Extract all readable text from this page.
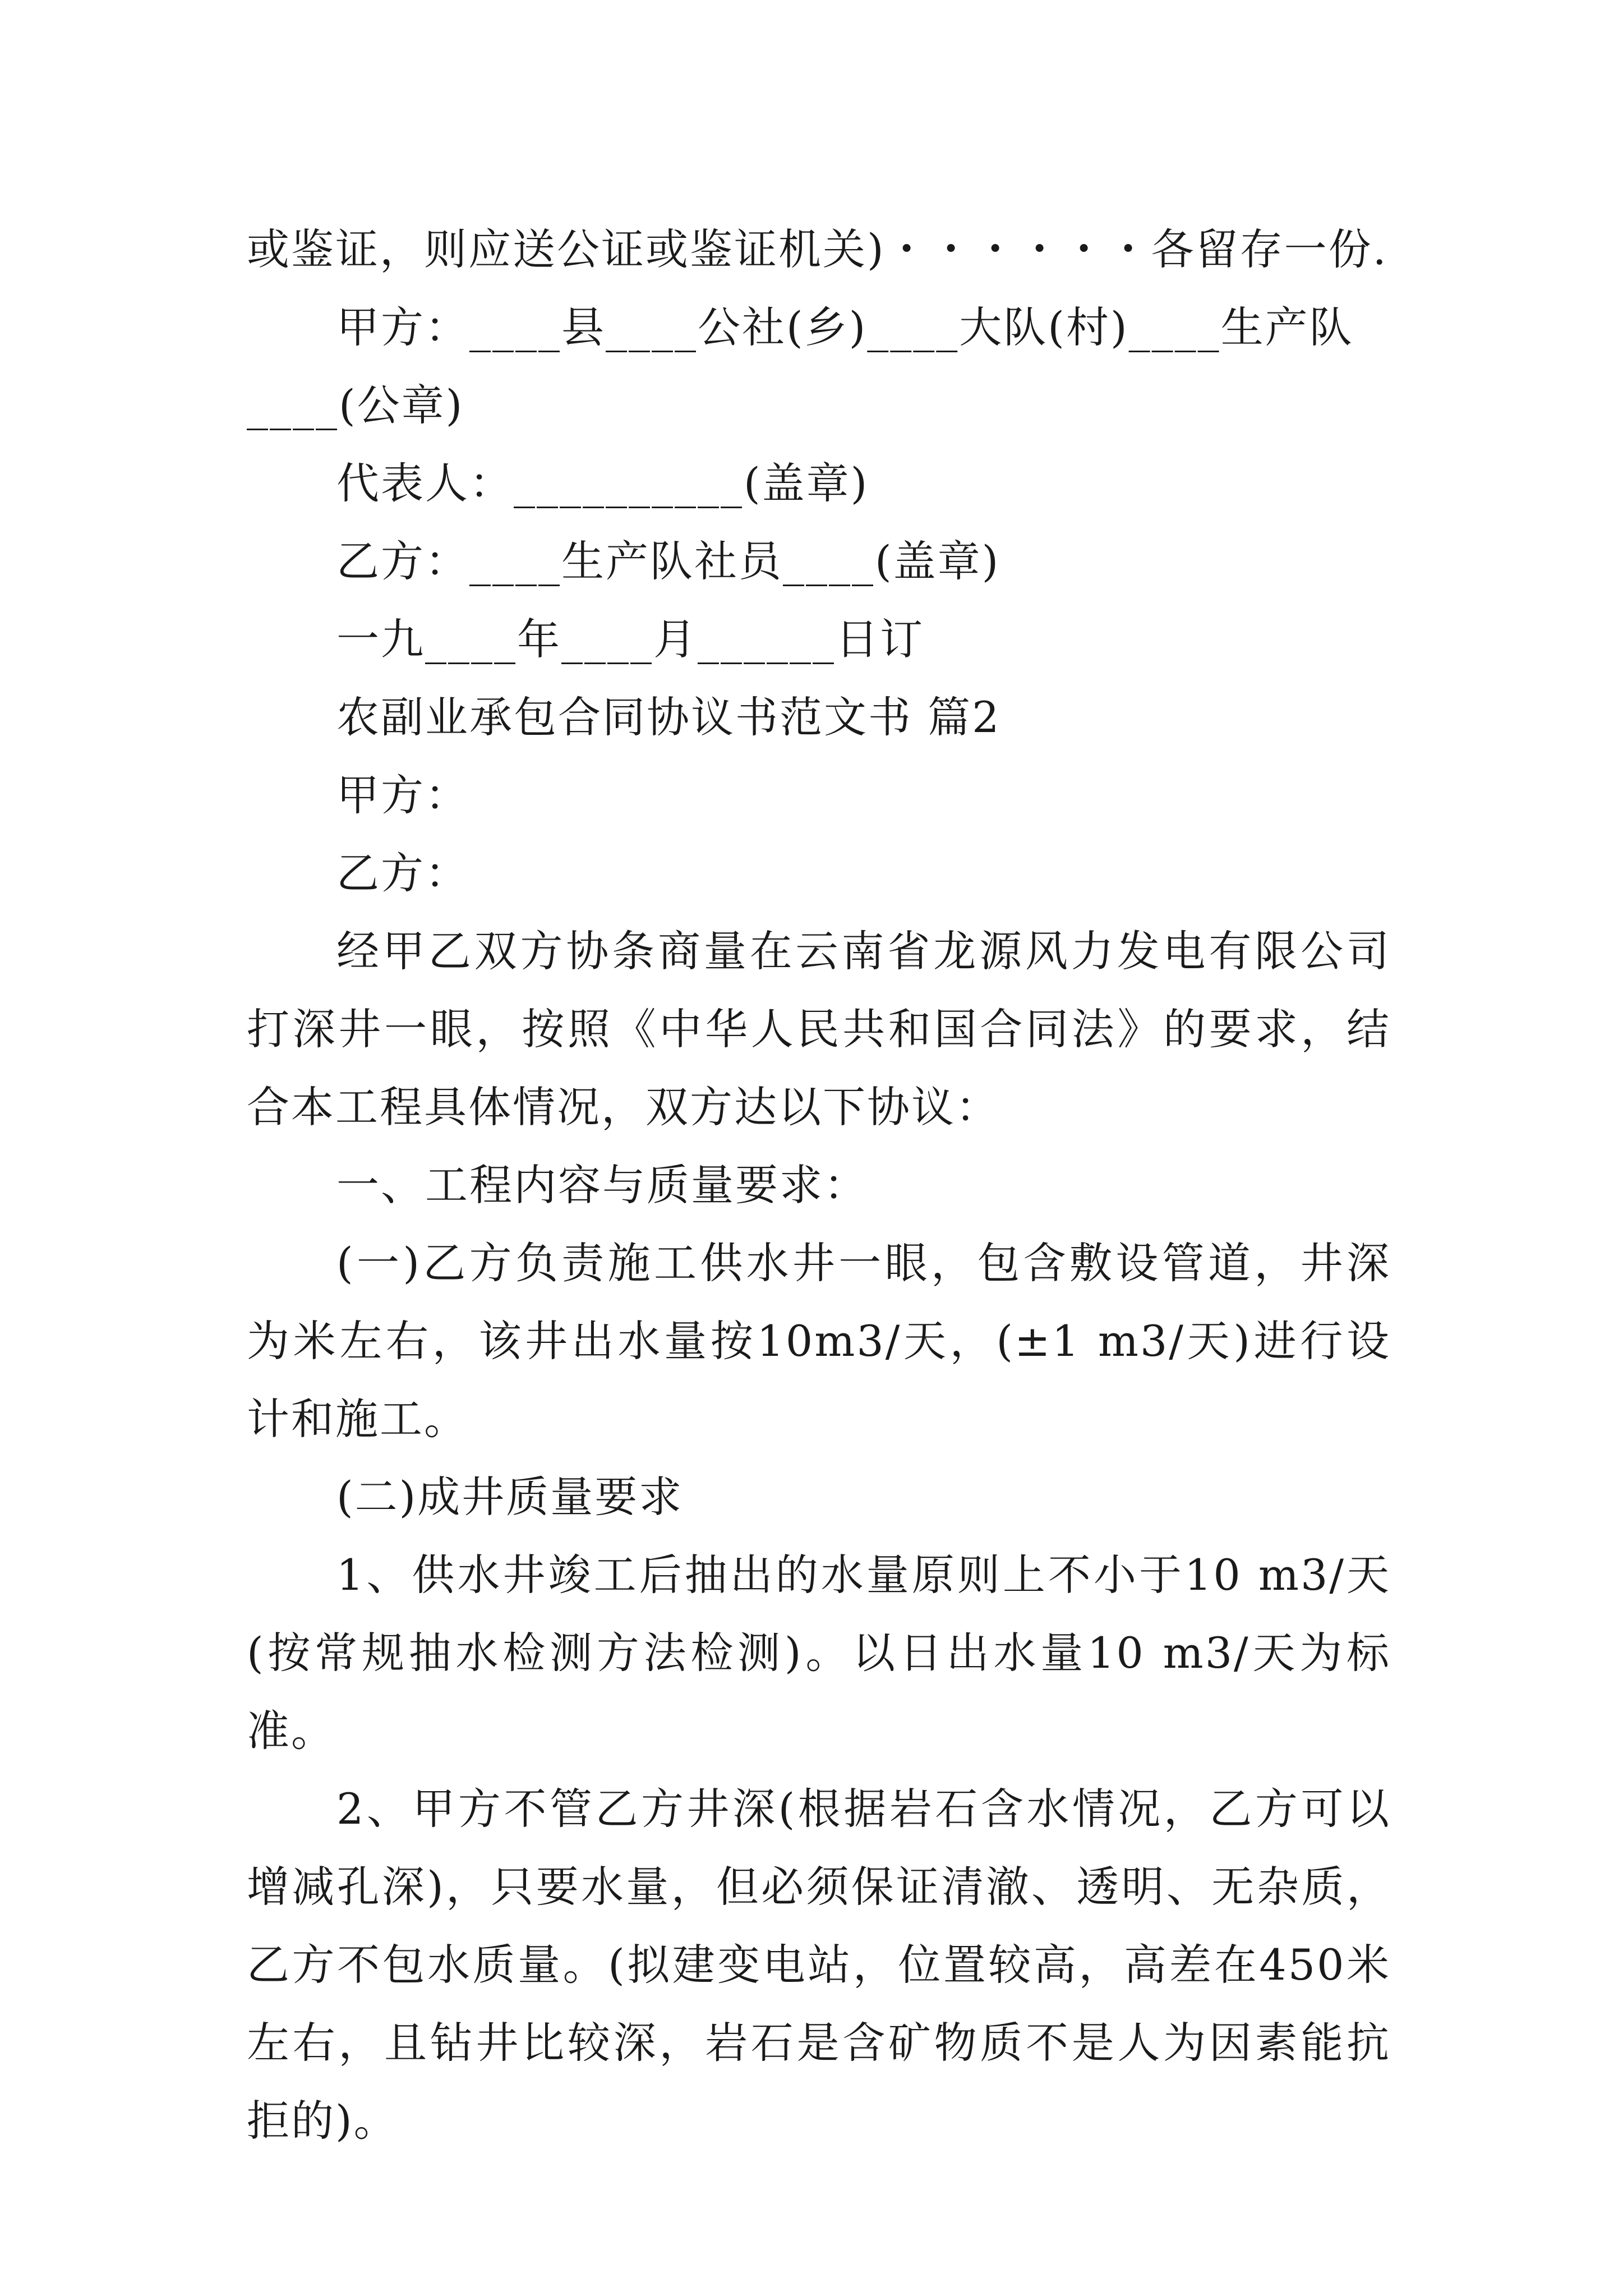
或鉴证，则应送公证或鉴证机关)・・・・・・各留存一份.
甲方：____县____公社(乡)____大队(村)____生产队
____(公章)
代表人：__________(盖章)
乙方：____生产队社员____(盖章)
一九____年____月______日订
农副业承包合同协议书范文书 篇2
甲方：
乙方：
经甲乙双方协条商量在云南省龙源风力发电有限公司打深井一眼，按照《中华人民共和国合同法》的要求，结合本工程具体情况，双方达以下协议：
一、工程内容与质量要求：
(一)乙方负责施工供水井一眼，包含敷设管道，井深为米左右，该井出水量按10m3/天，(±1 m3/天)进行设计和施工。
(二)成井质量要求
1、供水井竣工后抽出的水量原则上不小于10 m3/天(按常规抽水检测方法检测)。以日出水量10 m3/天为标准。
2、甲方不管乙方井深(根据岩石含水情况，乙方可以增减孔深)，只要水量，但必须保证清澈、透明、无杂质，乙方不包水质量。(拟建变电站，位置较高，高差在450米左右，且钻井比较深，岩石是含矿物质不是人为因素能抗拒的)。
